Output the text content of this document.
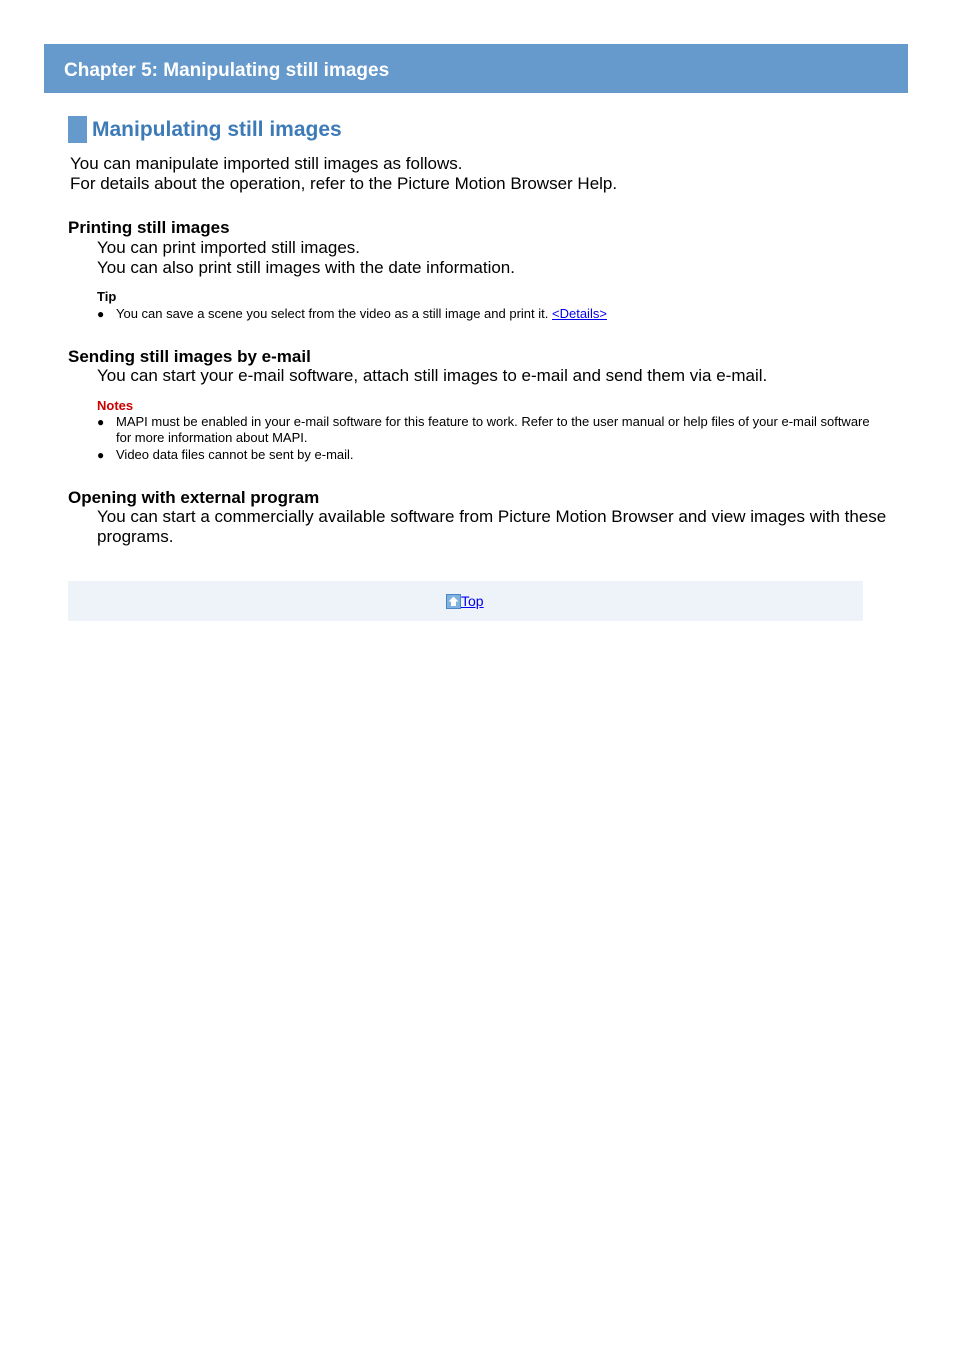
Chapter 5: Manipulating still images
Manipulating still images
You can manipulate imported still images as follows.
For details about the operation, refer to the Picture Motion Browser Help.
Printing still images
You can print imported still images.
You can also print still images with the date information.
Tip
● You can save a scene you select from the video as a still image and print it. <Details>
Sending still images by e-mail
You can start your e-mail software, attach still images to e-mail and send them via e-mail.
Notes
● MAPI must be enabled in your e-mail software for this feature to work. Refer to the user manual or help files of your e-mail software for more information about MAPI.
● Video data files cannot be sent by e-mail.
Opening with external program
You can start a commercially available software from Picture Motion Browser and view images with these programs.
Top
